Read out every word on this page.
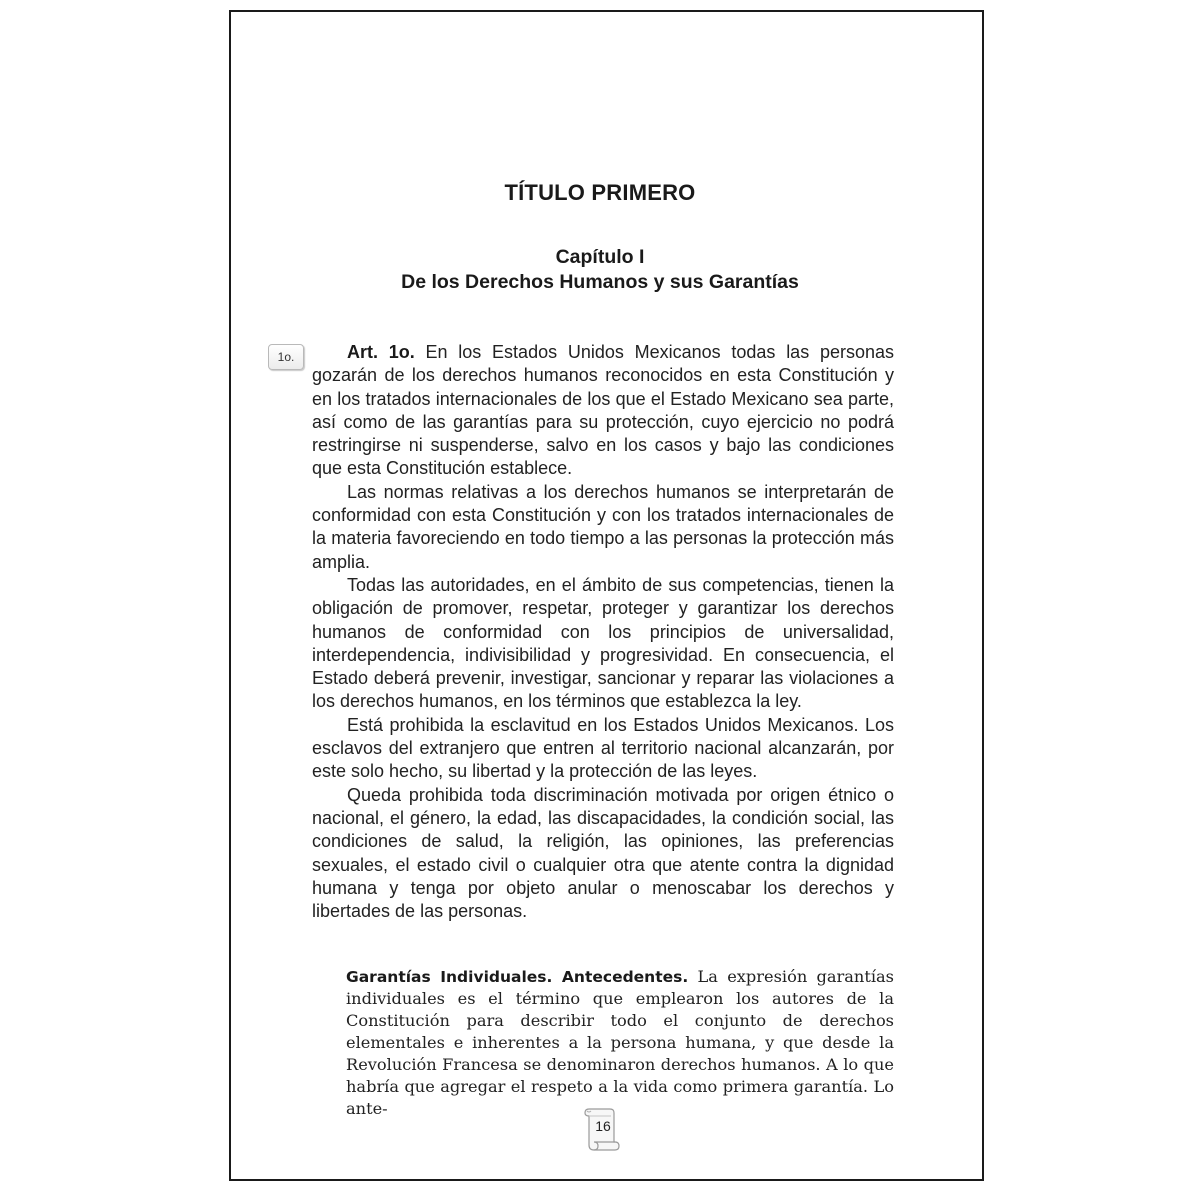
TÍTULO PRIMERO
Capítulo I
De los Derechos Humanos y sus Garantías
1o.	Art. 1o. En los Estados Unidos Mexicanos todas las personas gozarán de los derechos humanos reconocidos en esta Constitución y en los tratados internacionales de los que el Estado Mexicano sea parte, así como de las garantías para su protección, cuyo ejercicio no podrá restringirse ni suspenderse, salvo en los casos y bajo las condiciones que esta Constitución establece.

Las normas relativas a los derechos humanos se interpretarán de conformidad con esta Constitución y con los tratados internacionales de la materia favoreciendo en todo tiempo a las personas la protección más amplia.

Todas las autoridades, en el ámbito de sus competencias, tienen la obligación de promover, respetar, proteger y garantizar los derechos humanos de conformidad con los principios de universalidad, interdependencia, indivisibilidad y progresividad. En consecuencia, el Estado deberá prevenir, investigar, sancionar y reparar las violaciones a los derechos humanos, en los términos que establezca la ley.

Está prohibida la esclavitud en los Estados Unidos Mexicanos. Los esclavos del extranjero que entren al territorio nacional alcanzarán, por este solo hecho, su libertad y la protección de las leyes.

Queda prohibida toda discriminación motivada por origen étnico o nacional, el género, la edad, las discapacidades, la condición social, las condiciones de salud, la religión, las opiniones, las preferencias sexuales, el estado civil o cualquier otra que atente contra la dignidad humana y tenga por objeto anular o menoscabar los derechos y libertades de las personas.

Garantías Individuales. Antecedentes. La expresión garantías individuales es el término que emplearon los autores de la Constitución para describir todo el conjunto de derechos elementales e inherentes a la persona humana, y que desde la Revolución Francesa se denominaron derechos humanos. A lo que habría que agregar el respeto a la vida como primera garantía. Lo ante-

16
